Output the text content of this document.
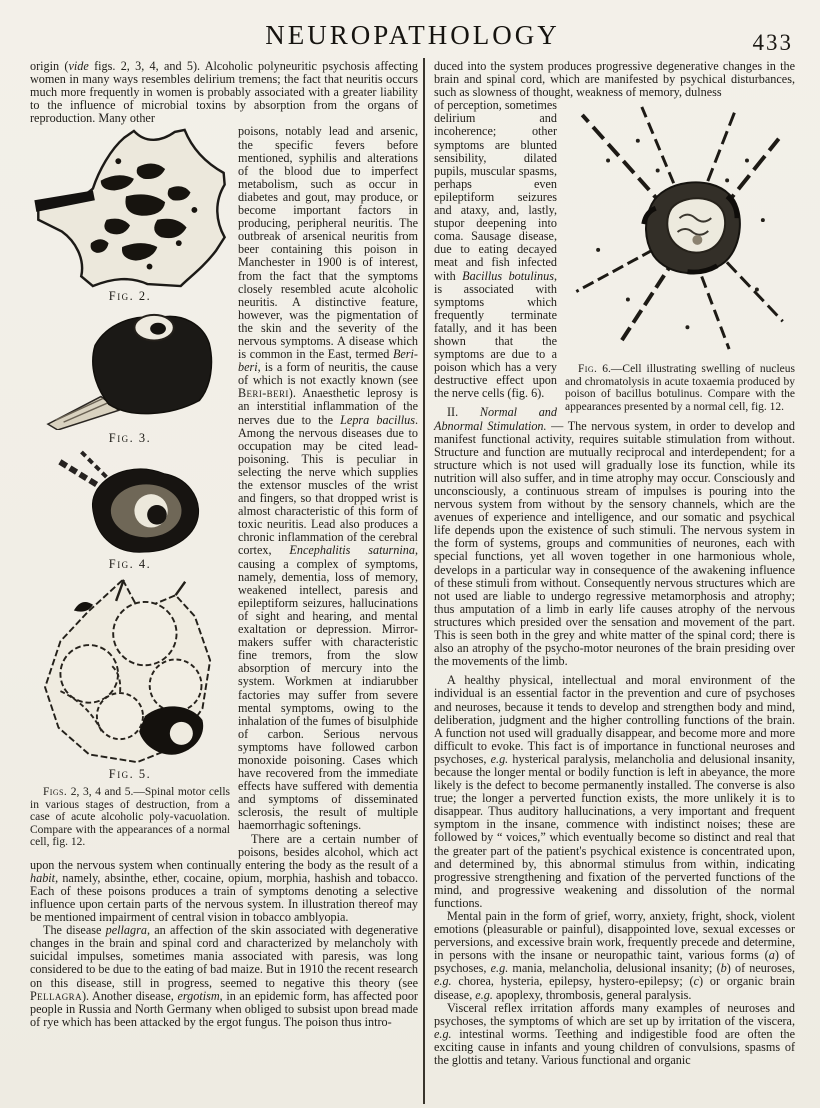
NEUROPATHOLOGY	433

origin (vide figs. 2, 3, 4, and 5). Alcoholic polyneuritic psychosis affecting women in many ways resembles delirium tremens; the fact that neuritis occurs much more frequently in women is probably associated with a greater liability to the influence of microbial toxins by absorption from the organs of reproduction. Many other

Fig. 2.
Fig. 3.
Fig. 4.
Fig. 5.

Figs. 2, 3, 4 and 5.—Spinal motor cells in various stages of destruction, from a case of acute alcoholic poly-vacuolation. Compare with the appearances of a normal cell, fig. 12.

poisons, notably lead and arsenic, the specific fevers before mentioned, syphilis and alterations of the blood due to imperfect metabolism, such as occur in diabetes and gout, may produce, or become important factors in producing, peripheral neuritis. The outbreak of arsenical neuritis from beer containing this poison in Manchester in 1900 is of interest, from the fact that the symptoms closely resembled acute alcoholic neuritis. A distinctive feature, however, was the pigmentation of the skin and the severity of the nervous symptoms. A disease which is common in the East, termed Beri-beri, is a form of neuritis, the cause of which is not exactly known (see Beri-beri). Anaesthetic leprosy is an interstitial inflammation of the nerves due to the Lepra bacillus. Among the nervous diseases due to occupation may be cited lead-poisoning. This is peculiar in selecting the nerve which supplies the extensor muscles of the wrist and fingers, so that dropped wrist is almost characteristic of this form of toxic neuritis. Lead also produces a chronic inflammation of the cerebral cortex, Encephalitis saturnina, causing a complex of symptoms, namely, dementia, loss of memory, weakened intellect, paresis and epileptiform seizures, hallucinations of sight and hearing, and mental exaltation or depression. Mirror-makers suffer with characteristic fine tremors, from the slow absorption of mercury into the system. Workmen at indiarubber factories may suffer from severe mental symptoms, owing to the inhalation of the fumes of bisulphide of carbon. Serious nervous symptoms have followed carbon monoxide poisoning. Cases which have recovered from the immediate effects have suffered with dementia and symptoms of disseminated sclerosis, the result of multiple haemorrhagic softenings.

There are a certain number of poisons, besides alcohol, which act upon the nervous system when continually entering the body as the result of a habit, namely, absinthe, ether, cocaine, opium, morphia, hashish and tobacco. Each of these poisons produces a train of symptoms denoting a selective influence upon certain parts of the nervous system. In illustration thereof may be mentioned impairment of central vision in tobacco amblyopia.

The disease pellagra, an affection of the skin associated with degenerative changes in the brain and spinal cord and characterized by melancholy with suicidal impulses, sometimes mania associated with paresis, was long considered to be due to the eating of bad maize. But in 1910 the recent research on this disease, still in progress, seemed to negative this theory (see Pellagra). Another disease, ergotism, in an epidemic form, has affected poor people in Russia and North Germany when obliged to subsist upon bread made of rye which has been attacked by the ergot fungus. The poison thus intro-

duced into the system produces progressive degenerative changes in the brain and spinal cord, which are manifested by psychical disturbances, such as slowness of thought, weakness of memory, dulness

Fig. 6.—Cell illustrating swelling of nucleus and chromatolysis in acute toxaemia produced by poison of bacillus botulinus. Compare with the appearances presented by a normal cell, fig. 12.

of perception, sometimes delirium and incoherence; other symptoms are blunted sensibility, dilated pupils, muscular spasms, perhaps even epileptiform seizures and ataxy, and, lastly, stupor deepening into coma. Sausage disease, due to eating decayed meat and fish infected with Bacillus botulinus, is associated with symptoms which frequently terminate fatally, and it has been shown that the symptoms are due to a poison which has a very destructive effect upon the nerve cells (fig. 6).

II. Normal and Abnormal Stimulation. — The nervous system, in order to develop and manifest functional activity, requires suitable stimulation from without. Structure and function are mutually reciprocal and interdependent; for a structure which is not used will gradually lose its function, while its nutrition will also suffer, and in time atrophy may occur. Consciously and unconsciously, a continuous stream of impulses is pouring into the nervous system from without by the sensory channels, which are the avenues of experience and intelligence, and our somatic and psychical life depends upon the existence of such stimuli. The nervous system in the form of systems, groups and communities of neurones, each with special functions, yet all woven together in one harmonious whole, develops in a particular way in consequence of the awakening influence of these stimuli from without. Consequently nervous structures which are not used are liable to undergo regressive metamorphosis and atrophy; thus amputation of a limb in early life causes atrophy of the nervous structures which presided over the sensation and movement of the part. This is seen both in the grey and white matter of the spinal cord; there is also an atrophy of the psycho-motor neurones of the brain presiding over the movements of the limb.

A healthy physical, intellectual and moral environment of the individual is an essential factor in the prevention and cure of psychoses and neuroses, because it tends to develop and strengthen body and mind, deliberation, judgment and the higher controlling functions of the brain. A function not used will gradually disappear, and become more and more difficult to evoke. This fact is of importance in functional neuroses and psychoses, e.g. hysterical paralysis, melancholia and delusional insanity, because the longer mental or bodily function is left in abeyance, the more likely is the defect to become permanently installed. The converse is also true; the longer a perverted function exists, the more unlikely it is to disappear. Thus auditory hallucinations, a very important and frequent symptom in the insane, commence with indistinct noises; these are followed by “ voices,” which eventually become so distinct and real that the greater part of the patient's psychical existence is concentrated upon, and determined by, this abnormal stimulus from within, indicating progressive strengthening and fixation of the perverted functions of the mind, and progressive weakening and dissolution of the normal functions.

Mental pain in the form of grief, worry, anxiety, fright, shock, violent emotions (pleasurable or painful), disappointed love, sexual excesses or perversions, and excessive brain work, frequently precede and determine, in persons with the insane or neuropathic taint, various forms (a) of psychoses, e.g. mania, melancholia, delusional insanity; (b) of neuroses, e.g. chorea, hysteria, epilepsy, hystero-epilepsy; (c) or organic brain disease, e.g. apoplexy, thrombosis, general paralysis.

Visceral reflex irritation affords many examples of neuroses and psychoses, the symptoms of which are set up by irritation of the viscera, e.g. intestinal worms. Teething and indigestible food are often the exciting cause in infants and young children of convulsions, spasms of the glottis and tetany. Various functional and organic
